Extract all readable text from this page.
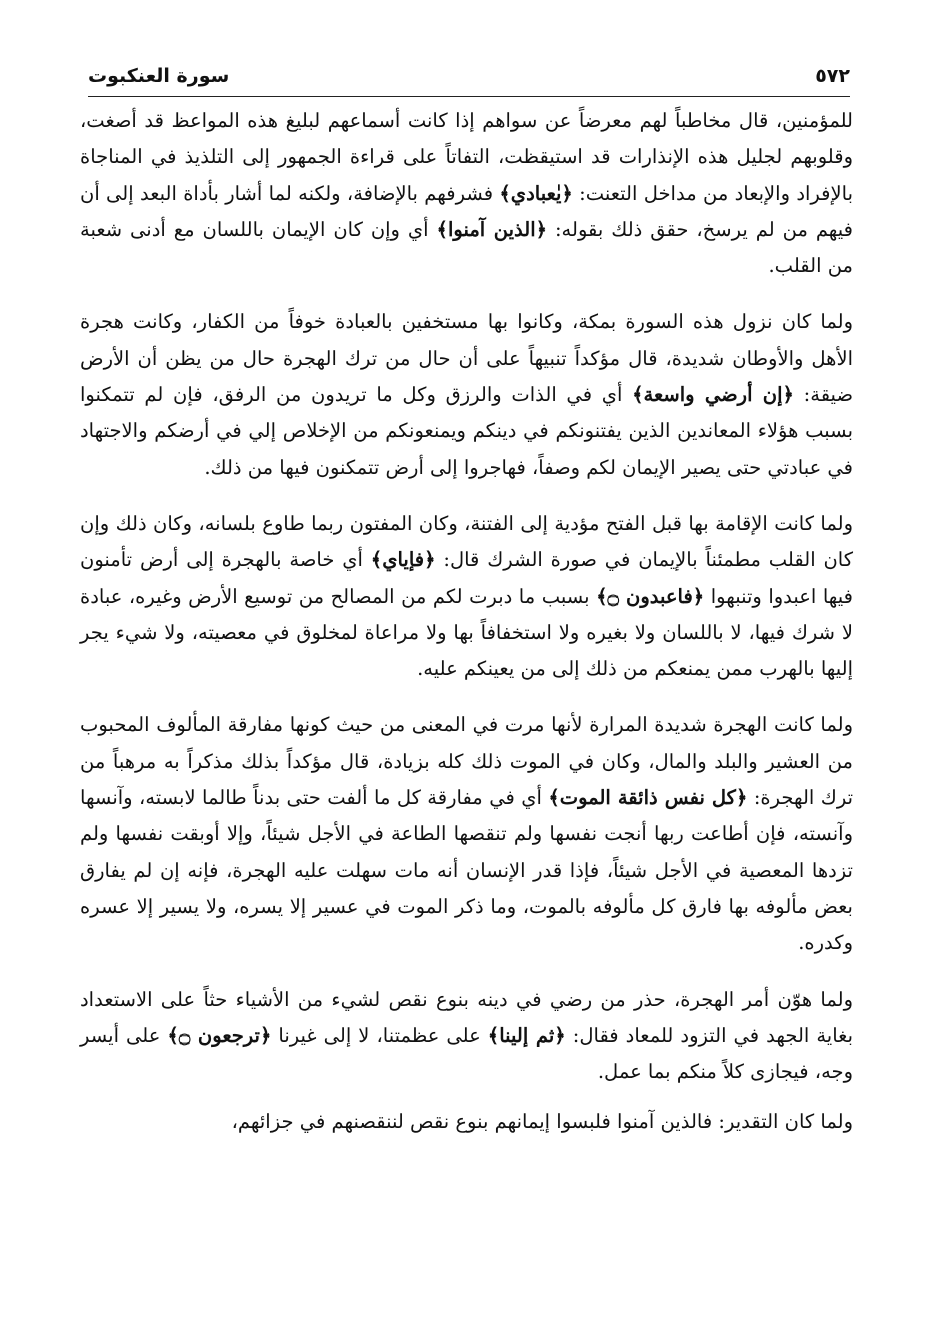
٥٧٢
سورة العنكبوت

للمؤمنين، قال مخاطباً لهم معرضاً عن سواهم إذا كانت أسماعهم لبليغ هذه المواعظ قد أصغت، وقلوبهم لجليل هذه الإنذارات قد استيقظت، التفاتاً على قراءة الجمهور إلى التلذيذ في المناجاة بالإفراد والإبعاد من مداخل التعنت: ﴿يٰعبادي﴾ فشرفهم بالإضافة، ولكنه لما أشار بأداة البعد إلى أن فيهم من لم يرسخ، حقق ذلك بقوله: ﴿الذين آمنوا﴾ أي وإن كان الإيمان باللسان مع أدنى شعبة من القلب.

ولما كان نزول هذه السورة بمكة، وكانوا بها مستخفين بالعبادة خوفاً من الكفار، وكانت هجرة الأهل والأوطان شديدة، قال مؤكداً تنبيهاً على أن حال من ترك الهجرة حال من يظن أن الأرض ضيقة: ﴿إن أرضي واسعة﴾ أي في الذات والرزق وكل ما تريدون من الرفق، فإن لم تتمكنوا بسبب هؤلاء المعاندين الذين يفتنونكم في دينكم ويمنعونكم من الإخلاص إلي في أرضكم والاجتهاد في عبادتي حتى يصير الإيمان لكم وصفاً، فهاجروا إلى أرض تتمكنون فيها من ذلك.

ولما كانت الإقامة بها قبل الفتح مؤدية إلى الفتنة، وكان المفتون ربما طاوع بلسانه، وكان ذلك وإن كان القلب مطمئناً بالإيمان في صورة الشرك قال: ﴿فإياي﴾ أي خاصة بالهجرة إلى أرض تأمنون فيها اعبدوا وتنبهوا ﴿فاعبدون ۝﴾ بسبب ما دبرت لكم من المصالح من توسيع الأرض وغيره، عبادة لا شرك فيها، لا باللسان ولا بغيره ولا استخفافاً بها ولا مراعاة لمخلوق في معصيته، ولا شيء يجر إليها بالهرب ممن يمنعكم من ذلك إلى من يعينكم عليه.

ولما كانت الهجرة شديدة المرارة لأنها مرت في المعنى من حيث كونها مفارقة المألوف المحبوب من العشير والبلد والمال، وكان في الموت ذلك كله بزيادة، قال مؤكداً بذلك مذكراً به مرهباً من ترك الهجرة: ﴿كل نفس ذائقة الموت﴾ أي في مفارقة كل ما ألفت حتى بدناً طالما لابسته، وآنسها وآنسته، فإن أطاعت ربها أنجت نفسها ولم تنقصها الطاعة في الأجل شيئاً، وإلا أوبقت نفسها ولم تزدها المعصية في الأجل شيئاً، فإذا قدر الإنسان أنه مات سهلت عليه الهجرة، فإنه إن لم يفارق بعض مألوفه بها فارق كل مألوفه بالموت، وما ذكر الموت في عسير إلا يسره، ولا يسير إلا عسره وكدره.

ولما هوّن أمر الهجرة، حذر من رضي في دينه بنوع نقص لشيء من الأشياء حثاً على الاستعداد بغاية الجهد في التزود للمعاد فقال: ﴿ثم إلينا﴾ على عظمتنا، لا إلى غيرنا ﴿ترجعون ۝﴾ على أيسر وجه، فيجازى كلاً منكم بما عمل.

ولما كان التقدير: فالذين آمنوا فلبسوا إيمانهم بنوع نقص لننقصنهم في جزائهم،
